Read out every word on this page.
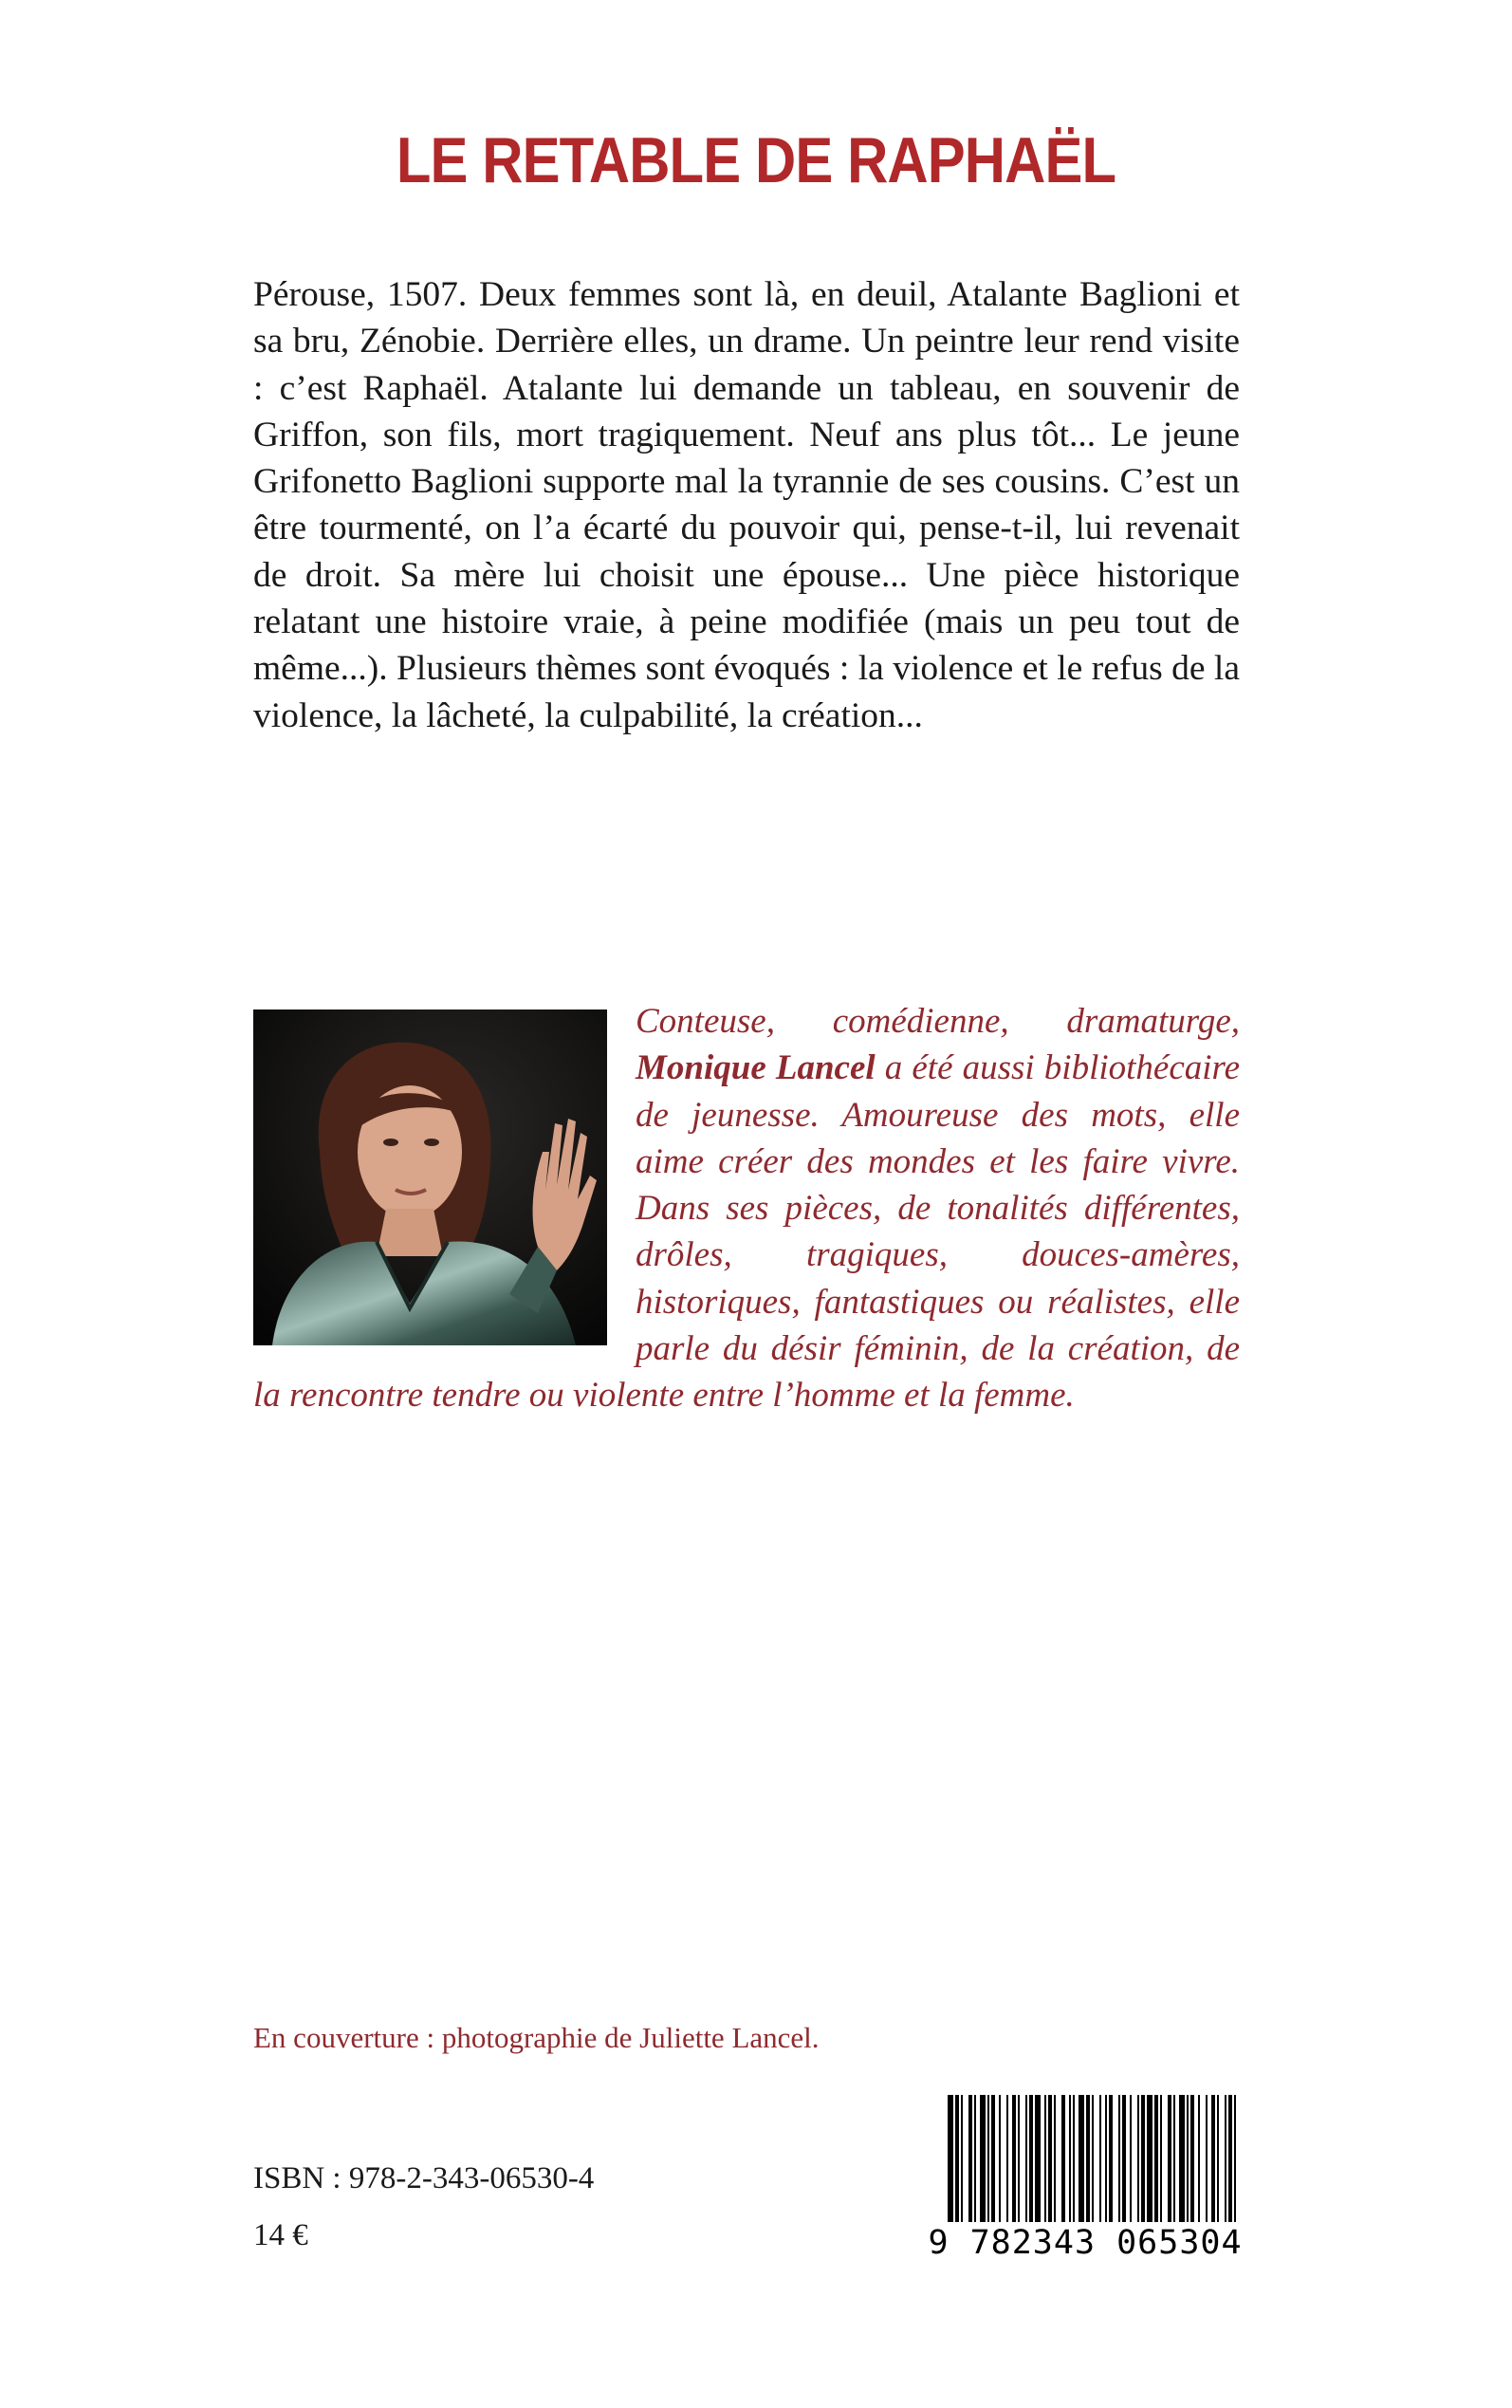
LE RETABLE DE RAPHAËL

Pérouse, 1507. Deux femmes sont là, en deuil, Atalante Baglioni et sa bru, Zénobie. Derrière elles, un drame. Un peintre leur rend visite : c’est Raphaël. Atalante lui demande un tableau, en souvenir de Griffon, son fils, mort tragiquement. Neuf ans plus tôt... Le jeune Grifonetto Baglioni supporte mal la tyrannie de ses cousins. C’est un être tourmenté, on l’a écarté du pouvoir qui, pense-t-il, lui revenait de droit. Sa mère lui choisit une épouse... Une pièce historique relatant une histoire vraie, à peine modifiée (mais un peu tout de même...). Plusieurs thèmes sont évoqués : la violence et le refus de la violence, la lâcheté, la culpabilité, la création...

Conteuse, comédienne, dramaturge, Monique Lancel a été aussi bibliothécaire de jeunesse. Amoureuse des mots, elle aime créer des mondes et les faire vivre. Dans ses pièces, de tonalités différentes, drôles, tragiques, douces-amères, historiques, fantastiques ou réalistes, elle parle du désir féminin, de la création, de la rencontre tendre ou violente entre l’homme et la femme.

En couverture : photographie de Juliette Lancel.

ISBN : 978-2-343-06530-4

14 €	9 782343 065304
